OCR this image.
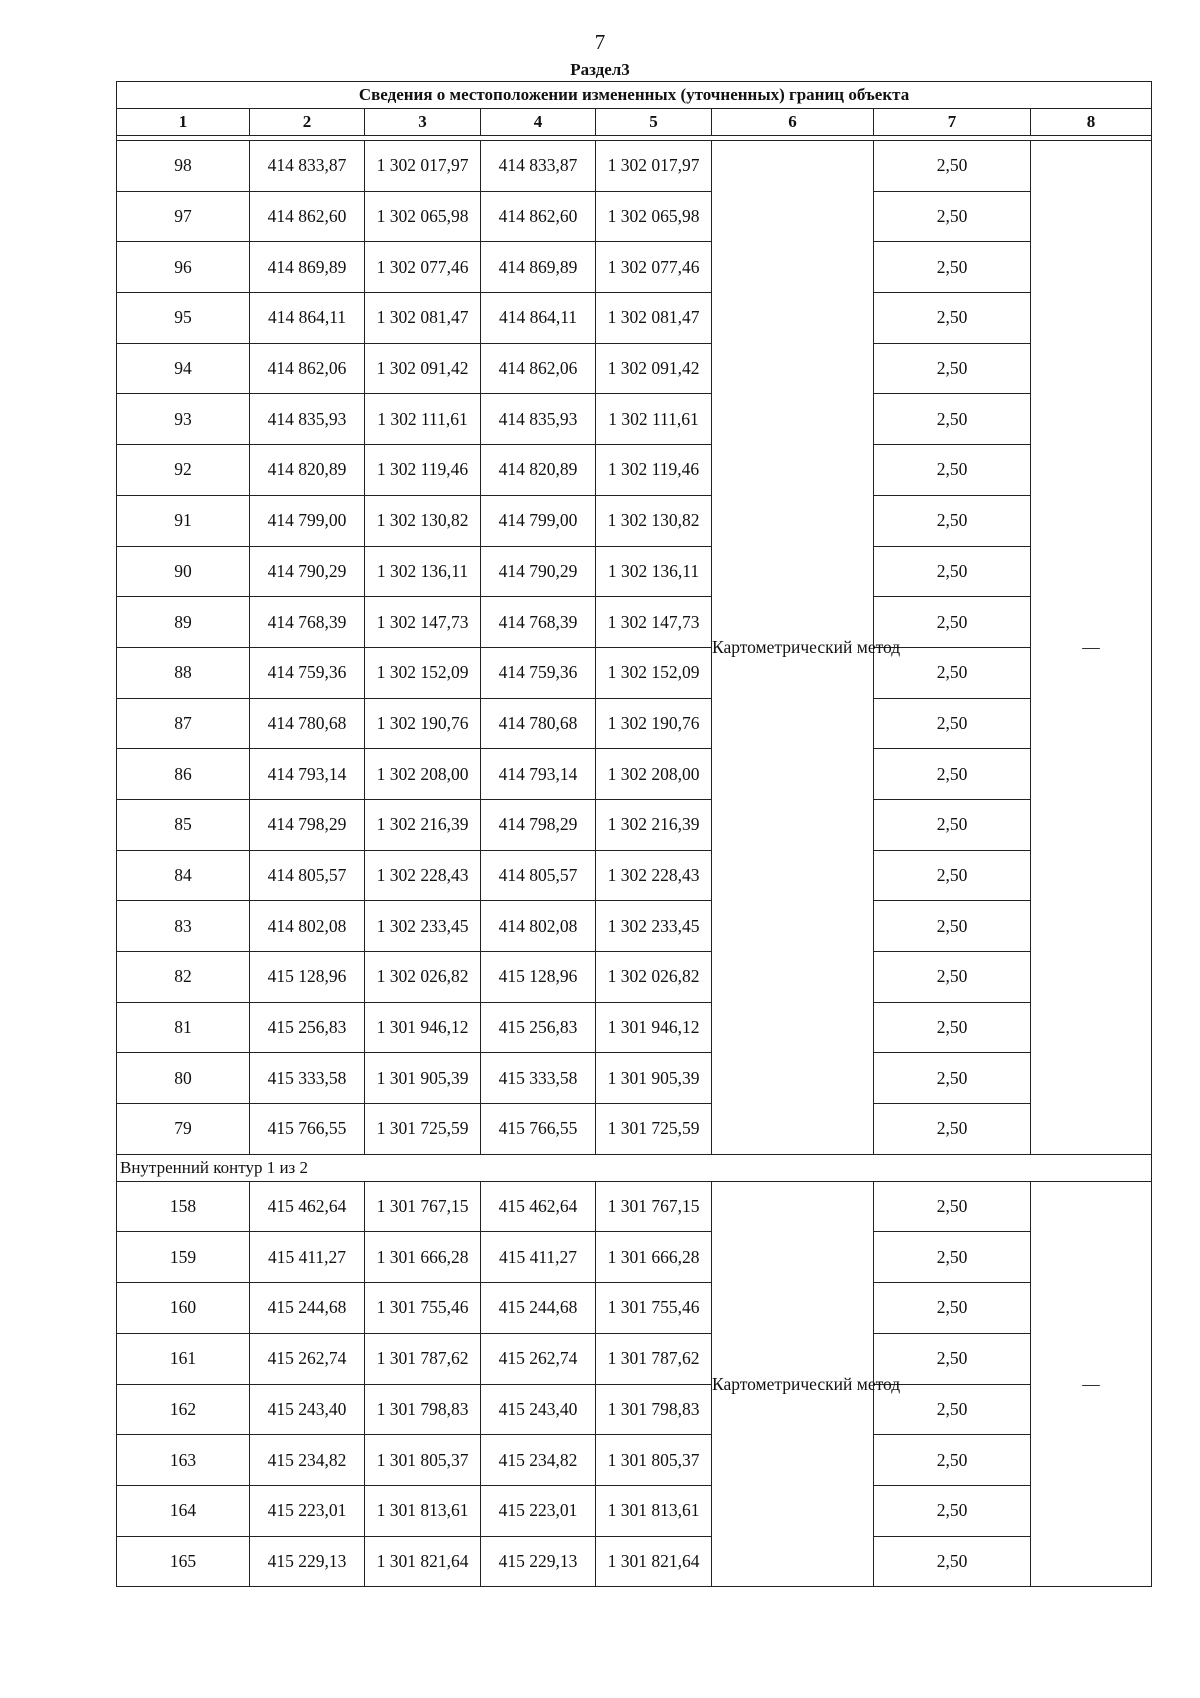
7
Раздел3
Сведения о местоположении измененных (уточненных) границ объекта							
1	2	3	4	5	6	7	8

98	414 833,87	1 302 017,97	414 833,87	1 302 017,97	Картометрический метод	2,50	—
97	414 862,60	1 302 065,98	414 862,60	1 302 065,98		2,50	
96	414 869,89	1 302 077,46	414 869,89	1 302 077,46		2,50	
95	414 864,11	1 302 081,47	414 864,11	1 302 081,47		2,50	
94	414 862,06	1 302 091,42	414 862,06	1 302 091,42		2,50	
93	414 835,93	1 302 111,61	414 835,93	1 302 111,61		2,50	
92	414 820,89	1 302 119,46	414 820,89	1 302 119,46		2,50	
91	414 799,00	1 302 130,82	414 799,00	1 302 130,82		2,50	
90	414 790,29	1 302 136,11	414 790,29	1 302 136,11		2,50	
89	414 768,39	1 302 147,73	414 768,39	1 302 147,73		2,50	
88	414 759,36	1 302 152,09	414 759,36	1 302 152,09		2,50	
87	414 780,68	1 302 190,76	414 780,68	1 302 190,76		2,50	
86	414 793,14	1 302 208,00	414 793,14	1 302 208,00		2,50	
85	414 798,29	1 302 216,39	414 798,29	1 302 216,39		2,50	
84	414 805,57	1 302 228,43	414 805,57	1 302 228,43		2,50	
83	414 802,08	1 302 233,45	414 802,08	1 302 233,45		2,50	
82	415 128,96	1 302 026,82	415 128,96	1 302 026,82		2,50	
81	415 256,83	1 301 946,12	415 256,83	1 301 946,12		2,50	
80	415 333,58	1 301 905,39	415 333,58	1 301 905,39		2,50	
79	415 766,55	1 301 725,59	415 766,55	1 301 725,59		2,50	
Внутренний контур 1 из 2							
158	415 462,64	1 301 767,15	415 462,64	1 301 767,15	Картометрический метод	2,50	—
159	415 411,27	1 301 666,28	415 411,27	1 301 666,28		2,50	
160	415 244,68	1 301 755,46	415 244,68	1 301 755,46		2,50	
161	415 262,74	1 301 787,62	415 262,74	1 301 787,62		2,50	
162	415 243,40	1 301 798,83	415 243,40	1 301 798,83		2,50	
163	415 234,82	1 301 805,37	415 234,82	1 301 805,37		2,50	
164	415 223,01	1 301 813,61	415 223,01	1 301 813,61		2,50	
165	415 229,13	1 301 821,64	415 229,13	1 301 821,64		2,50	
